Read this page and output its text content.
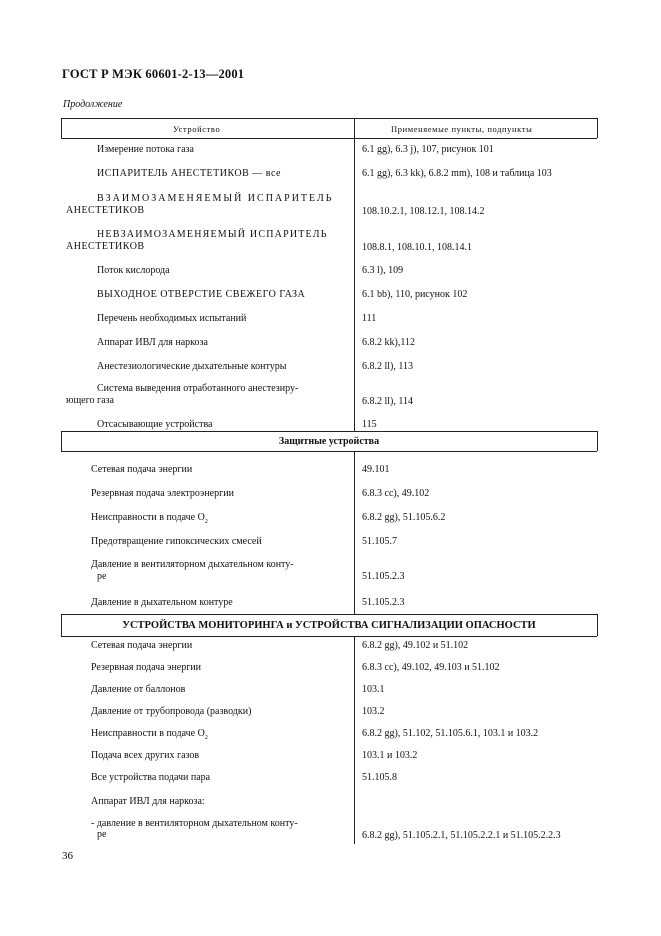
ГОСТ Р МЭК 60601-2-13—2001
Продолжение
Устройство	Применяемые пункты, подпункты
Измерение потока газа	6.1 gg), 6.3 j), 107, рисунок 101
ИСПАРИТЕЛЬ АНЕСТЕТИКОВ — все	6.1 gg), 6.3 kk), 6.8.2 mm), 108 и таблица 103
ВЗАИМОЗАМЕНЯЕМЫЙ ИСПАРИТЕЛЬ
АНЕСТЕТИКОВ	108.10.2.1, 108.12.1, 108.14.2
НЕВЗАИМОЗАМЕНЯЕМЫЙ ИСПАРИТЕЛЬ
АНЕСТЕТИКОВ	108.8.1, 108.10.1, 108.14.1
Поток кислорода	6.3 l), 109
ВЫХОДНОЕ ОТВЕРСТИЕ СВЕЖЕГО ГАЗА	6.1 bb), 110, рисунок 102
Перечень необходимых испытаний	111
Аппарат ИВЛ для наркоза	6.8.2 kk),112
Анестезиологические дыхательные контуры	6.8.2 ll), 113
Система выведения отработанного анестезиру-
ющего газа	6.8.2 ll), 114
Отсасывающие устройства	115
Защитные устройства
Сетевая подача энергии	49.101
Резервная подача электроэнергии	6.8.3 cc), 49.102
Неисправности в подаче $O_2$	6.8.2 gg), 51.105.6.2
Предотвращение гипоксических смесей	51.105.7
Давление в вентиляторном дыхательном конту-
ре	51.105.2.3
Давление в дыхательном контуре	51.105.2.3
УСТРОЙСТВА МОНИТОРИНГА и УСТРОЙСТВА СИГНАЛИЗАЦИИ ОПАСНОСТИ
Сетевая подача энергии	6.8.2 gg), 49.102 и 51.102
Резервная подача энергии	6.8.3 cc), 49.102, 49.103 и 51.102
Давление от баллонов	103.1
Давление от трубопровода (разводки)	103.2
Неисправности в подаче $O_2$	6.8.2 gg), 51.102, 51.105.6.1, 103.1 и 103.2
Подача всех других газов	103.1 и 103.2
Все устройства подачи пара	51.105.8
Аппарат ИВЛ для наркоза:
- давление в вентиляторном дыхательном конту-
ре	6.8.2 gg), 51.105.2.1, 51.105.2.2.1 и 51.105.2.2.3
36
